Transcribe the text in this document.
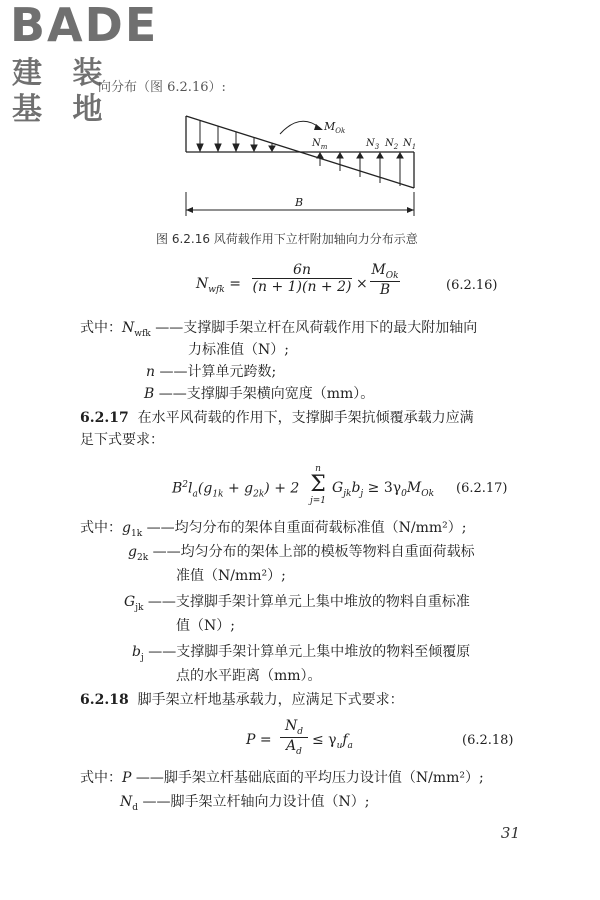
BADE
建 装 基 地
向分布（图 6.2.16）:
$M_{Ok}$
$N_m$	$N_3$ $N_2$ $N_1$
B
图 6.2.16 风荷载作用下立杆附加轴向力分布示意
$N_{wfk}$ =
6n
(n + 1)(n + 2) ×
$M_{Ok}$
B	(6.2.16)
式中：$N_{wfk}$ ——支撑脚手架立杆在风荷载作用下的最大附加轴向
力标准值（N）;
n ——计算单元跨数;
B ——支撑脚手架横向宽度（mm）。
6.2.17 在水平风荷载的作用下，支撑脚手架抗倾覆承载力应满
足下式要求：
$B^2l_a(g_{1k} + g_{2k}) + 2$
n
Σ
j=1
$G_{jk}b_j \ge 3\gamma_0M_{Ok}$ (6.2.17)
式中：$g_{1k}$ ——均匀分布的架体自重面荷载标准值（N/mm²）;
$g_{2k}$ ——均匀分布的架体上部的模板等物料自重面荷载标
准值（N/mm²）;
$G_{jk}$ ——支撑脚手架计算单元上集中堆放的物料自重标准
值（N）;
$b_j$ ——支撑脚手架计算单元上集中堆放的物料至倾覆原
点的水平距离（mm）。
6.2.18 脚手架立杆地基承载力，应满足下式要求：
P =
$N_d$
$A_d$
≤ $\gamma_uf_a$	(6.2.18)
式中：P ——脚手架立杆基础底面的平均压力设计值（N/mm²）;
$N_d$ ——脚手架立杆轴向力设计值（N）;
31
